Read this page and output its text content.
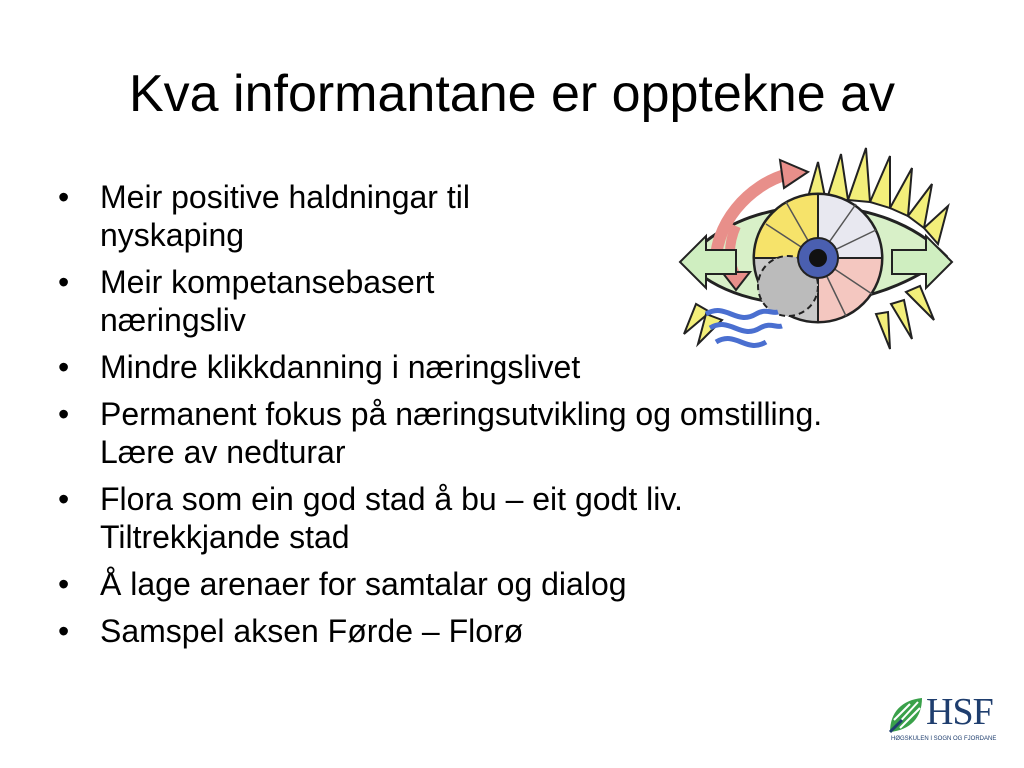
Kva informantane er opptekne av
• Meir positive haldningar til nyskaping
• Meir kompetansebasert næringsliv
• Mindre klikkdanning i næringslivet
• Permanent fokus på næringsutvikling og omstilling. Lære av nedturar
• Flora som ein god stad å bu – eit godt liv. Tiltrekkjande stad
• Å lage arenaer for samtalar og dialog
• Samspel aksen Førde – Florø
HSF
HØGSKULEN I SOGN OG FJORDANE
